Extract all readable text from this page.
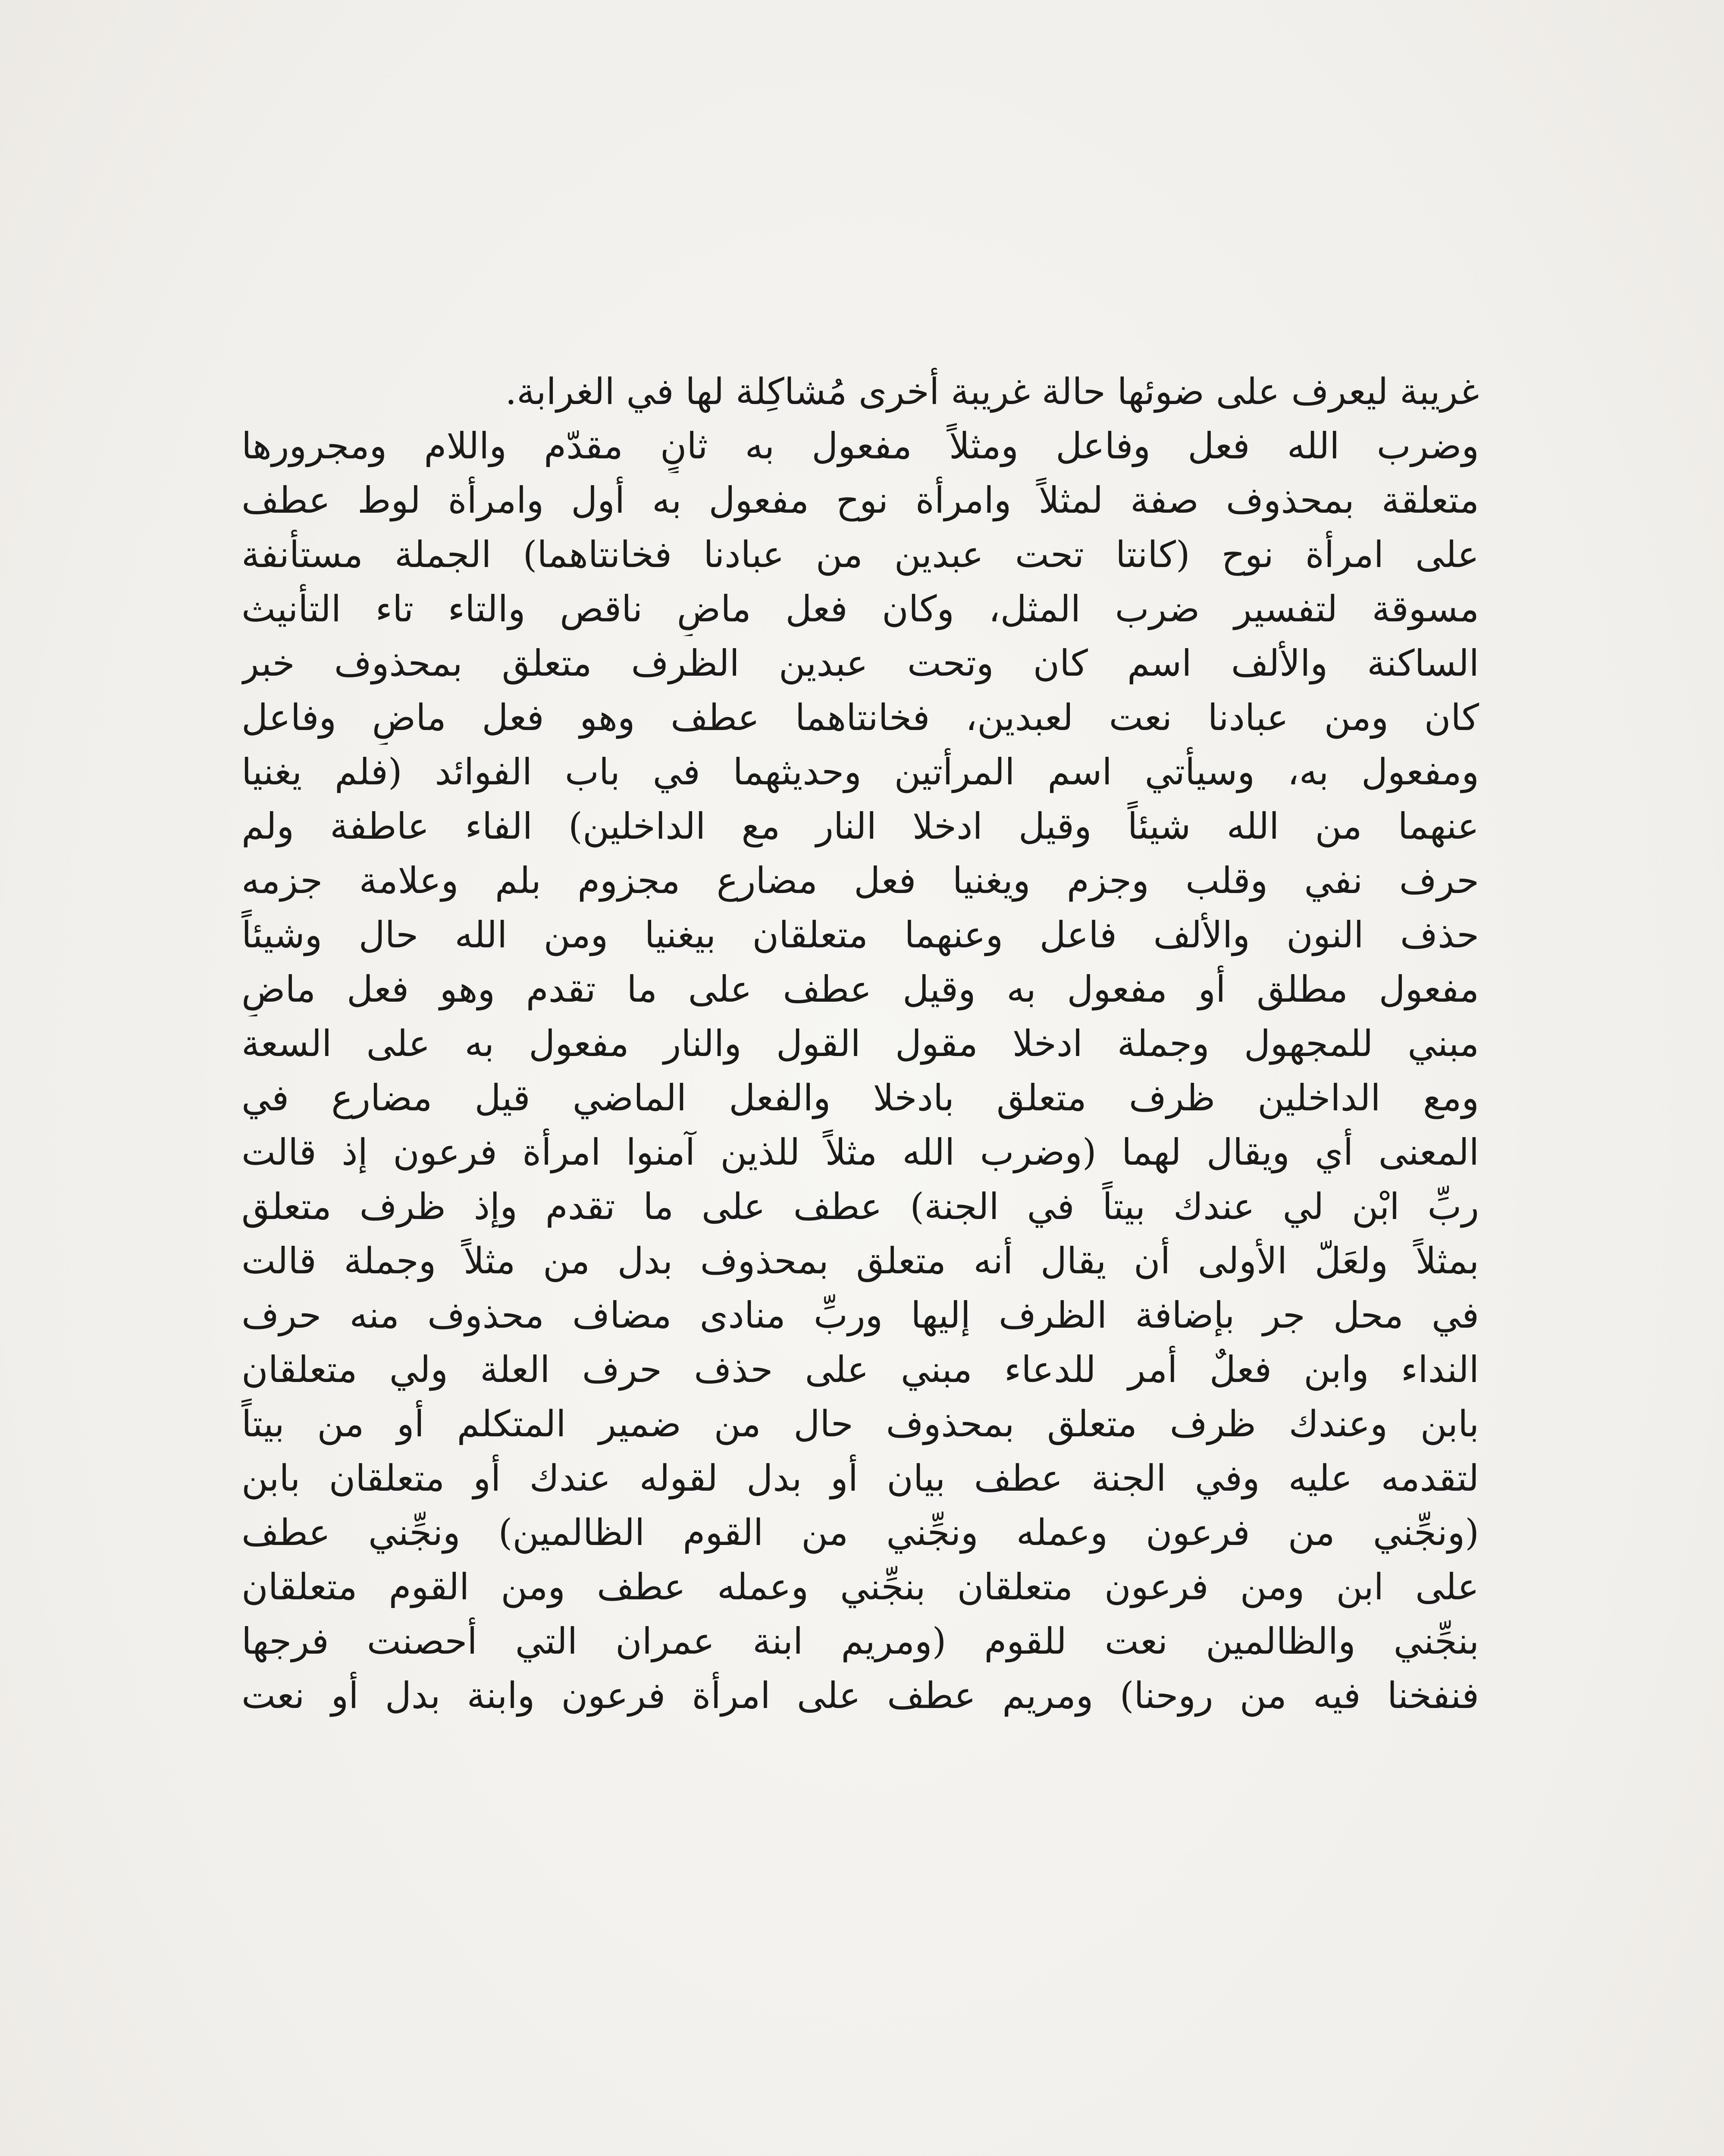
غريبة ليعرف على ضوئها حالة غريبة أخرى مُشاكِلة لها في الغرابة.
وضرب الله فعل وفاعل ومثلاً مفعول به ثانٍ مقدّم واللام ومجرورها
متعلقة بمحذوف صفة لمثلاً وامرأة نوح مفعول به أول وامرأة لوط عطف
على امرأة نوح (كانتا تحت عبدين من عبادنا فخانتاهما) الجملة مستأنفة
مسوقة لتفسير ضرب المثل، وكان فعل ماضٍ ناقص والتاء تاء التأنيث
الساكنة والألف اسم كان وتحت عبدين الظرف متعلق بمحذوف خبر
كان ومن عبادنا نعت لعبدين، فخانتاهما عطف وهو فعل ماضٍ وفاعل
ومفعول به، وسيأتي اسم المرأتين وحديثهما في باب الفوائد (فلم يغنيا
عنهما من الله شيئاً وقيل ادخلا النار مع الداخلين) الفاء عاطفة ولم
حرف نفي وقلب وجزم ويغنيا فعل مضارع مجزوم بلم وعلامة جزمه
حذف النون والألف فاعل وعنهما متعلقان بيغنيا ومن الله حال وشيئاً
مفعول مطلق أو مفعول به وقيل عطف على ما تقدم وهو فعل ماضٍ
مبني للمجهول وجملة ادخلا مقول القول والنار مفعول به على السعة
ومع الداخلين ظرف متعلق بادخلا والفعل الماضي قيل مضارع في
المعنى أي ويقال لهما (وضرب الله مثلاً للذين آمنوا امرأة فرعون إذ قالت
ربِّ ابْن لي عندك بيتاً في الجنة) عطف على ما تقدم وإذ ظرف متعلق
بمثلاً ولعَلّ الأولى أن يقال أنه متعلق بمحذوف بدل من مثلاً وجملة قالت
في محل جر بإضافة الظرف إليها وربِّ منادى مضاف محذوف منه حرف
النداء وابن فعلٌ أمر للدعاء مبني على حذف حرف العلة ولي متعلقان
بابن وعندك ظرف متعلق بمحذوف حال من ضمير المتكلم أو من بيتاً
لتقدمه عليه وفي الجنة عطف بيان أو بدل لقوله عندك أو متعلقان بابن
(ونجِّني من فرعون وعمله ونجِّني من القوم الظالمين) ونجِّني عطف
على ابن ومن فرعون متعلقان بنجِّني وعمله عطف ومن القوم متعلقان
بنجِّني والظالمين نعت للقوم (ومريم ابنة عمران التي أحصنت فرجها
فنفخنا فيه من روحنا) ومريم عطف على امرأة فرعون وابنة بدل أو نعت
